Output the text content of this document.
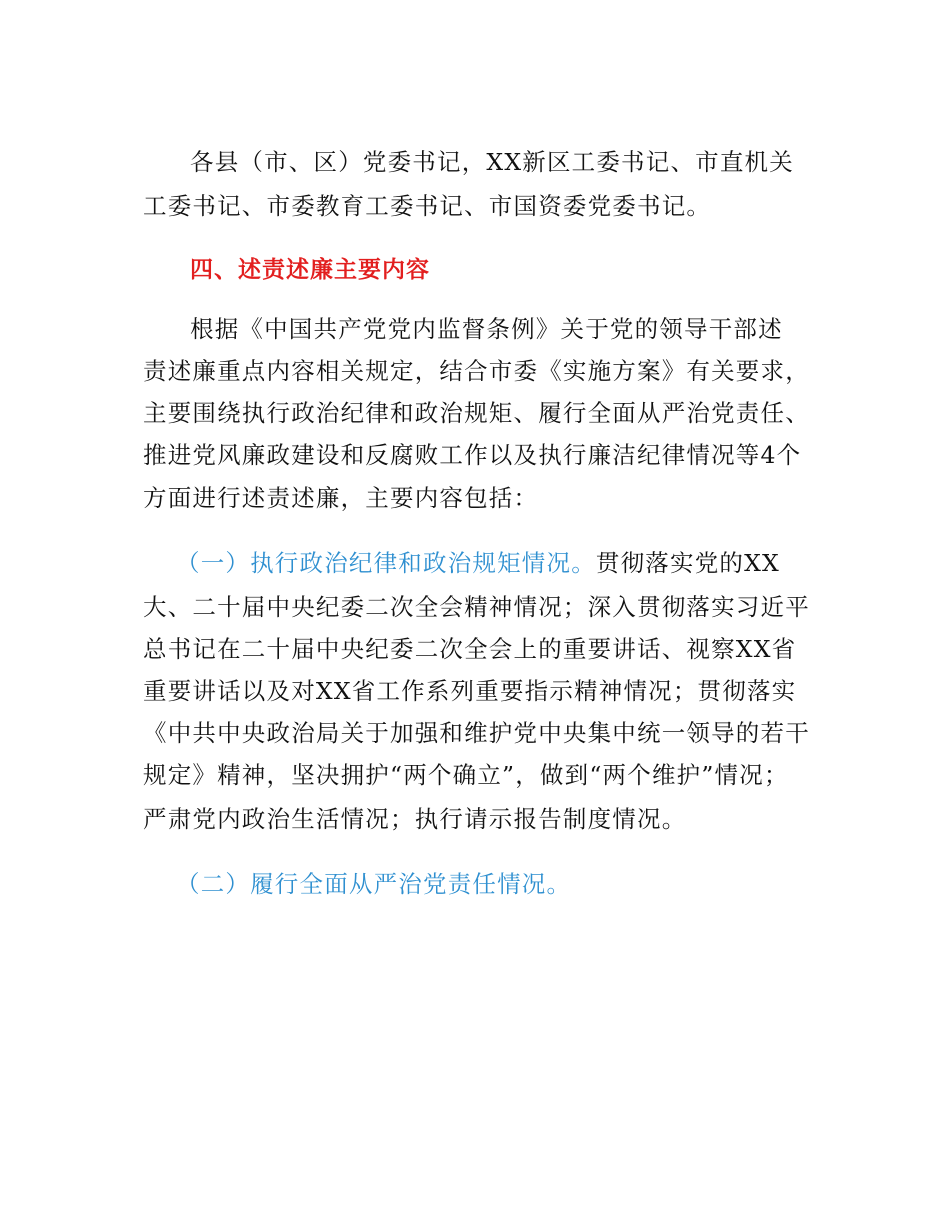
各县（市、区）党委书记，XX新区工委书记、市直机关
工委书记、市委教育工委书记、市国资委党委书记。
四、述责述廉主要内容
根据《中国共产党党内监督条例》关于党的领导干部述
责述廉重点内容相关规定，结合市委《实施方案》有关要求，
主要围绕执行政治纪律和政治规矩、履行全面从严治党责任、
推进党风廉政建设和反腐败工作以及执行廉洁纪律情况等4个
方面进行述责述廉，主要内容包括：
（一）执行政治纪律和政治规矩情况。贯彻落实党的XX
大、二十届中央纪委二次全会精神情况；深入贯彻落实习近平
总书记在二十届中央纪委二次全会上的重要讲话、视察XX省
重要讲话以及对XX省工作系列重要指示精神情况；贯彻落实
《中共中央政治局关于加强和维护党中央集中统一领导的若干
规定》精神，坚决拥护“两个确立”，做到“两个维护”情况；
严肃党内政治生活情况；执行请示报告制度情况。
（二）履行全面从严治党责任情况。
